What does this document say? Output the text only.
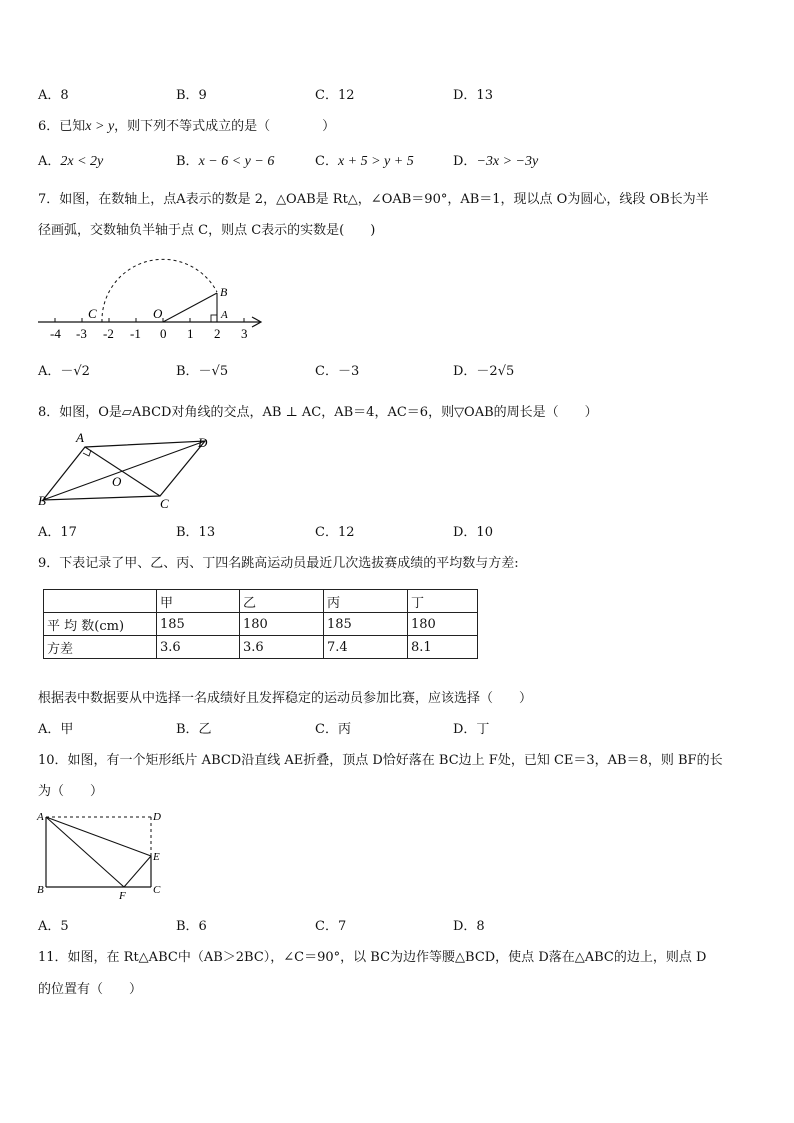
A．8	B．9	C．12	D．13
6．已知x > y，则下列不等式成立的是（　　　　）
A．2x < 2y	B．x − 6 < y − 6	C．x + 5 > y + 5	D．−3x > −3y
7．如图，在数轴上，点A表示的数是 2，△OAB是 Rt△，∠OAB＝90°，AB＝1，现以点 O为圆心，线段 OB长为半
径画弧，交数轴负半轴于点 C，则点 C表示的实数是(　　)
-4 -3 -2 -1 0 1 2 3
C	O
B
A
A．－√2	B．－√5	C．－3	D．－2√5
8．如图，O是▱ABCD对角线的交点，AB ⊥ AC，AB＝4，AC＝6，则▽OAB的周长是（　　）
A
B	C
D
O
A．17	B．13	C．12	D．10
9．下表记录了甲、乙、丙、丁四名跳高运动员最近几次选拔赛成绩的平均数与方差:
	甲	乙	丙	丁
平 均 数(cm)	185	180	185	180
方差	3.6	3.6	7.4	8.1
根据表中数据要从中选择一名成绩好且发挥稳定的运动员参加比赛，应该选择（　　）
A．甲	B．乙	C．丙	D．丁
10．如图，有一个矩形纸片 ABCD沿直线 AE折叠，顶点 D恰好落在 BC边上 F处，已知 CE＝3，AB＝8，则 BF的长
为（　　）
A
B	C
D
E
F
A．5	B．6	C．7	D．8
11．如图，在 Rt△ABC中（AB＞2BC），∠C＝90°，以 BC为边作等腰△BCD，使点 D落在△ABC的边上，则点 D
的位置有（　　）
